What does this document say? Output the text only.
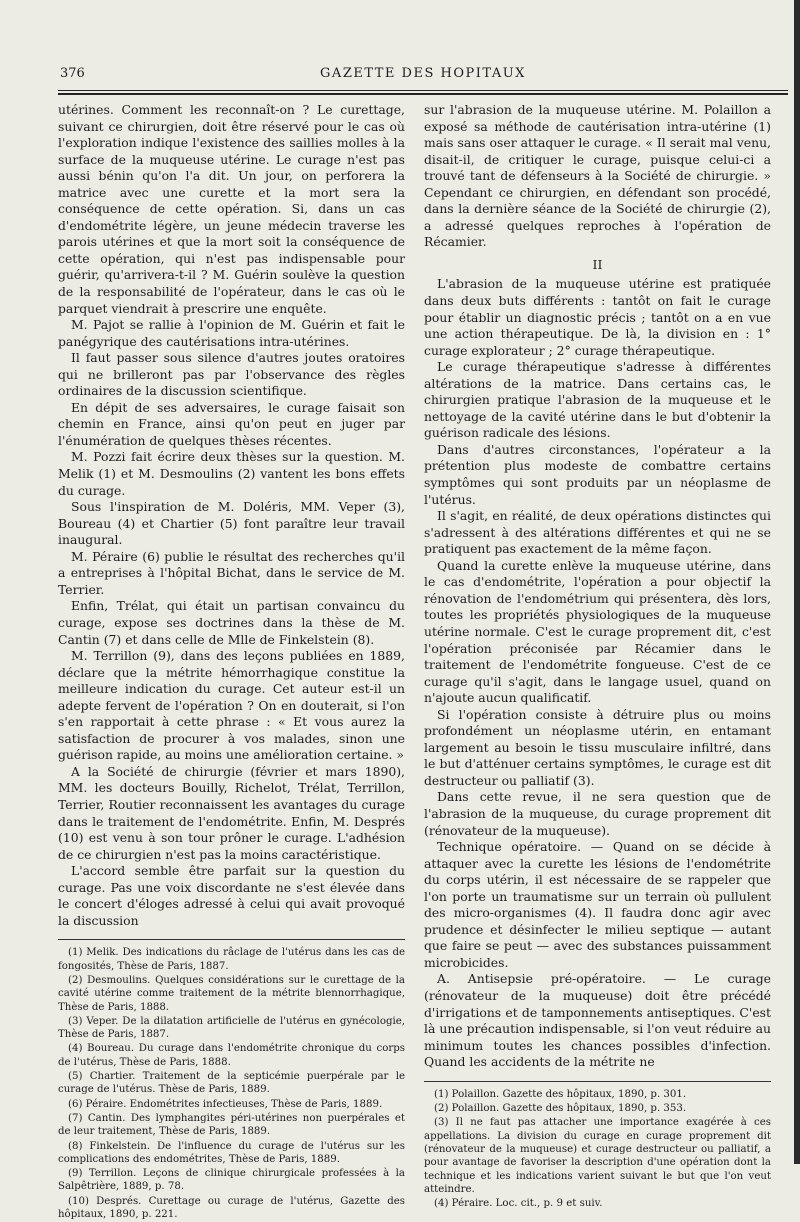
376	GAZETTE DES HOPITAUX

utérines. Comment les reconnaît-on ? Le curettage, suivant ce chirurgien, doit être réservé pour le cas où l'exploration indique l'existence des saillies molles à la surface de la muqueuse utérine. Le curage n'est pas aussi bénin qu'on l'a dit. Un jour, on perforera la matrice avec une curette et la mort sera la conséquence de cette opération. Si, dans un cas d'endométrite légère, un jeune médecin traverse les parois utérines et que la mort soit la conséquence de cette opération, qui n'est pas indispensable pour guérir, qu'arrivera-t-il ? M. Guérin soulève la question de la responsabilité de l'opérateur, dans le cas où le parquet viendrait à prescrire une enquête.

M. Pajot se rallie à l'opinion de M. Guérin et fait le panégyrique des cautérisations intra-utérines.

Il faut passer sous silence d'autres joutes oratoires qui ne brilleront pas par l'observance des règles ordinaires de la discussion scientifique.

En dépit de ses adversaires, le curage faisait son chemin en France, ainsi qu'on peut en juger par l'énumération de quelques thèses récentes.

M. Pozzi fait écrire deux thèses sur la question. M. Melik (1) et M. Desmoulins (2) vantent les bons effets du curage.

Sous l'inspiration de M. Doléris, MM. Veper (3), Boureau (4) et Chartier (5) font paraître leur travail inaugural.

M. Péraire (6) publie le résultat des recherches qu'il a entreprises à l'hôpital Bichat, dans le service de M. Terrier.

Enfin, Trélat, qui était un partisan convaincu du curage, expose ses doctrines dans la thèse de M. Cantin (7) et dans celle de Mlle de Finkelstein (8).

M. Terrillon (9), dans des leçons publiées en 1889, déclare que la métrite hémorrhagique constitue la meilleure indication du curage. Cet auteur est-il un adepte fervent de l'opération ? On en douterait, si l'on s'en rapportait à cette phrase : « Et vous aurez la satisfaction de procurer à vos malades, sinon une guérison rapide, au moins une amélioration certaine. »

A la Société de chirurgie (février et mars 1890), MM. les docteurs Bouilly, Richelot, Trélat, Terrillon, Terrier, Routier reconnaissent les avantages du curage dans le traitement de l'endométrite. Enfin, M. Després (10) est venu à son tour prôner le curage. L'adhésion de ce chirurgien n'est pas la moins caractéristique.

L'accord semble être parfait sur la question du curage. Pas une voix discordante ne s'est élevée dans le concert d'éloges adressé à celui qui avait provoqué la discussion

(1) Melik. Des indications du râclage de l'utérus dans les cas de fongosités, Thèse de Paris, 1887.

(2) Desmoulins. Quelques considérations sur le curettage de la cavité utérine comme traitement de la métrite blennorrhagique, Thèse de Paris, 1888.

(3) Veper. De la dilatation artificielle de l'utérus en gynécologie, Thèse de Paris, 1887.

(4) Boureau. Du curage dans l'endométrite chronique du corps de l'utérus, Thèse de Paris, 1888.

(5) Chartier. Traitement de la septicémie puerpérale par le curage de l'utérus. Thèse de Paris, 1889.

(6) Péraire. Endométrites infectieuses, Thèse de Paris, 1889.

(7) Cantin. Des lymphangites péri-utérines non puerpérales et de leur traitement, Thèse de Paris, 1889.

(8) Finkelstein. De l'influence du curage de l'utérus sur les complications des endométrites, Thèse de Paris, 1889.

(9) Terrillon. Leçons de clinique chirurgicale professées à la Salpêtrière, 1889, p. 78.

(10) Després. Curettage ou curage de l'utérus, Gazette des hôpitaux, 1890, p. 221.

sur l'abrasion de la muqueuse utérine. M. Polaillon a exposé sa méthode de cautérisation intra-utérine (1) mais sans oser attaquer le curage. « Il serait mal venu, disait-il, de critiquer le curage, puisque celui-ci a trouvé tant de défenseurs à la Société de chirurgie. » Cependant ce chirurgien, en défendant son procédé, dans la dernière séance de la Société de chirurgie (2), a adressé quelques reproches à l'opération de Récamier.

II

L'abrasion de la muqueuse utérine est pratiquée dans deux buts différents : tantôt on fait le curage pour établir un diagnostic précis ; tantôt on a en vue une action thérapeutique. De là, la division en : 1° curage explorateur ; 2° curage thérapeutique.

Le curage thérapeutique s'adresse à différentes altérations de la matrice. Dans certains cas, le chirurgien pratique l'abrasion de la muqueuse et le nettoyage de la cavité utérine dans le but d'obtenir la guérison radicale des lésions.

Dans d'autres circonstances, l'opérateur a la prétention plus modeste de combattre certains symptômes qui sont produits par un néoplasme de l'utérus.

Il s'agit, en réalité, de deux opérations distinctes qui s'adressent à des altérations différentes et qui ne se pratiquent pas exactement de la même façon.

Quand la curette enlève la muqueuse utérine, dans le cas d'endométrite, l'opération a pour objectif la rénovation de l'endométrium qui présentera, dès lors, toutes les propriétés physiologiques de la muqueuse utérine normale. C'est le curage proprement dit, c'est l'opération préconisée par Récamier dans le traitement de l'endométrite fongueuse. C'est de ce curage qu'il s'agit, dans le langage usuel, quand on n'ajoute aucun qualificatif.

Si l'opération consiste à détruire plus ou moins profondément un néoplasme utérin, en entamant largement au besoin le tissu musculaire infiltré, dans le but d'atténuer certains symptômes, le curage est dit destructeur ou palliatif (3).

Dans cette revue, il ne sera question que de l'abrasion de la muqueuse, du curage proprement dit (rénovateur de la muqueuse).

Technique opératoire. — Quand on se décide à attaquer avec la curette les lésions de l'endométrite du corps utérin, il est nécessaire de se rappeler que l'on porte un traumatisme sur un terrain où pullulent des micro-organismes (4). Il faudra donc agir avec prudence et désinfecter le milieu septique — autant que faire se peut — avec des substances puissamment microbicides.

A. Antisepsie pré-opératoire. — Le curage (rénovateur de la muqueuse) doit être précédé d'irrigations et de tamponnements antiseptiques. C'est là une précaution indispensable, si l'on veut réduire au minimum toutes les chances possibles d'infection. Quand les accidents de la métrite ne

(1) Polaillon. Gazette des hôpitaux, 1890, p. 301.

(2) Polaillon. Gazette des hôpitaux, 1890, p. 353.

(3) Il ne faut pas attacher une importance exagérée à ces appellations. La division du curage en curage proprement dit (rénovateur de la muqueuse) et curage destructeur ou palliatif, a pour avantage de favoriser la description d'une opération dont la technique et les indications varient suivant le but que l'on veut atteindre.

(4) Péraire. Loc. cit., p. 9 et suiv.
